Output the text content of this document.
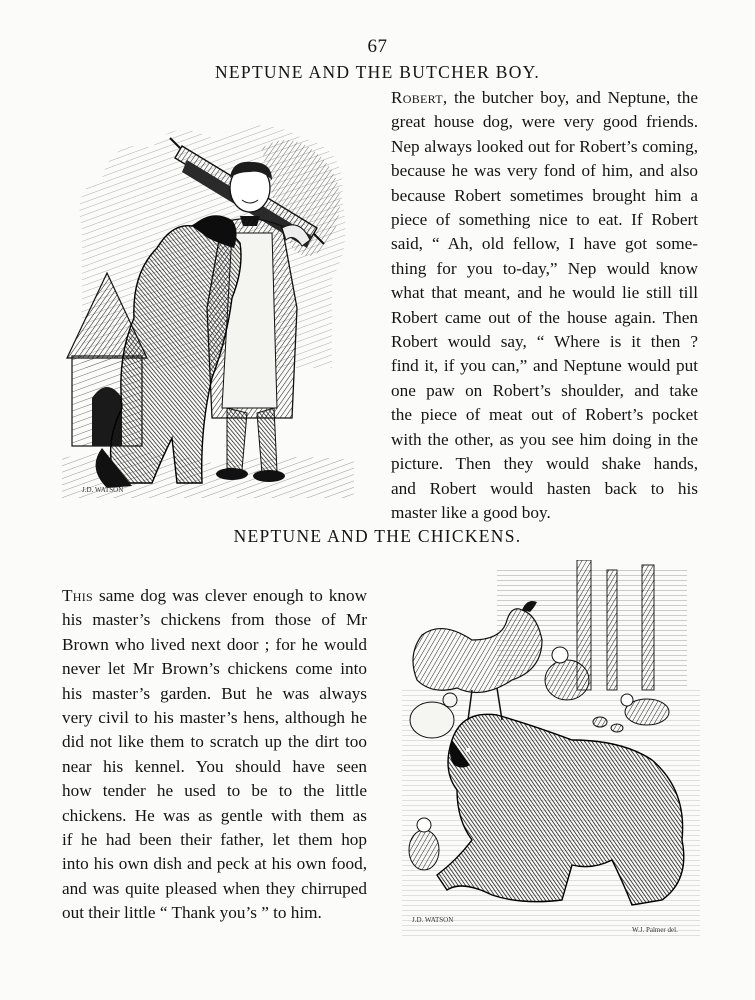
67
NEPTUNE AND THE BUTCHER BOY.
J.D. WATSON
Robert, the butcher boy, and Neptune, the
great house dog, were very good friends.
Nep always looked out for Robert’s coming,
because he was very fond of him, and also
because Robert sometimes brought him a
piece of something nice to eat. If Robert
said, “ Ah, old fellow, I have got some-
thing for you to-day,” Nep would know
what that meant, and he would lie still till
Robert came out of the house again. Then
Robert would say, “ Where is it then ?
find it, if you can,” and Neptune would put
one paw on Robert’s shoulder, and take
the piece of meat out of Robert’s pocket
with the other, as you see him doing in the
picture. Then they would shake hands,
and Robert would hasten back to his
master like a good boy.
NEPTUNE AND THE CHICKENS.
This same dog was clever enough to know
his master’s chickens from those of Mr
Brown who lived next door ; for he would
never let Mr Brown’s chickens come into
his master’s garden. But he was always
very civil to his master’s hens, although he
did not like them to scratch up the dirt too
near his kennel. You should have seen
how tender he used to be to the little
chickens. He was as gentle with them as
if he had been their father, let them hop
into his own dish and peck at his own food,
and was quite pleased when they chirruped
out their little “ Thank you’s ” to him.	J.D. WATSON
W.J. Palmer del.
